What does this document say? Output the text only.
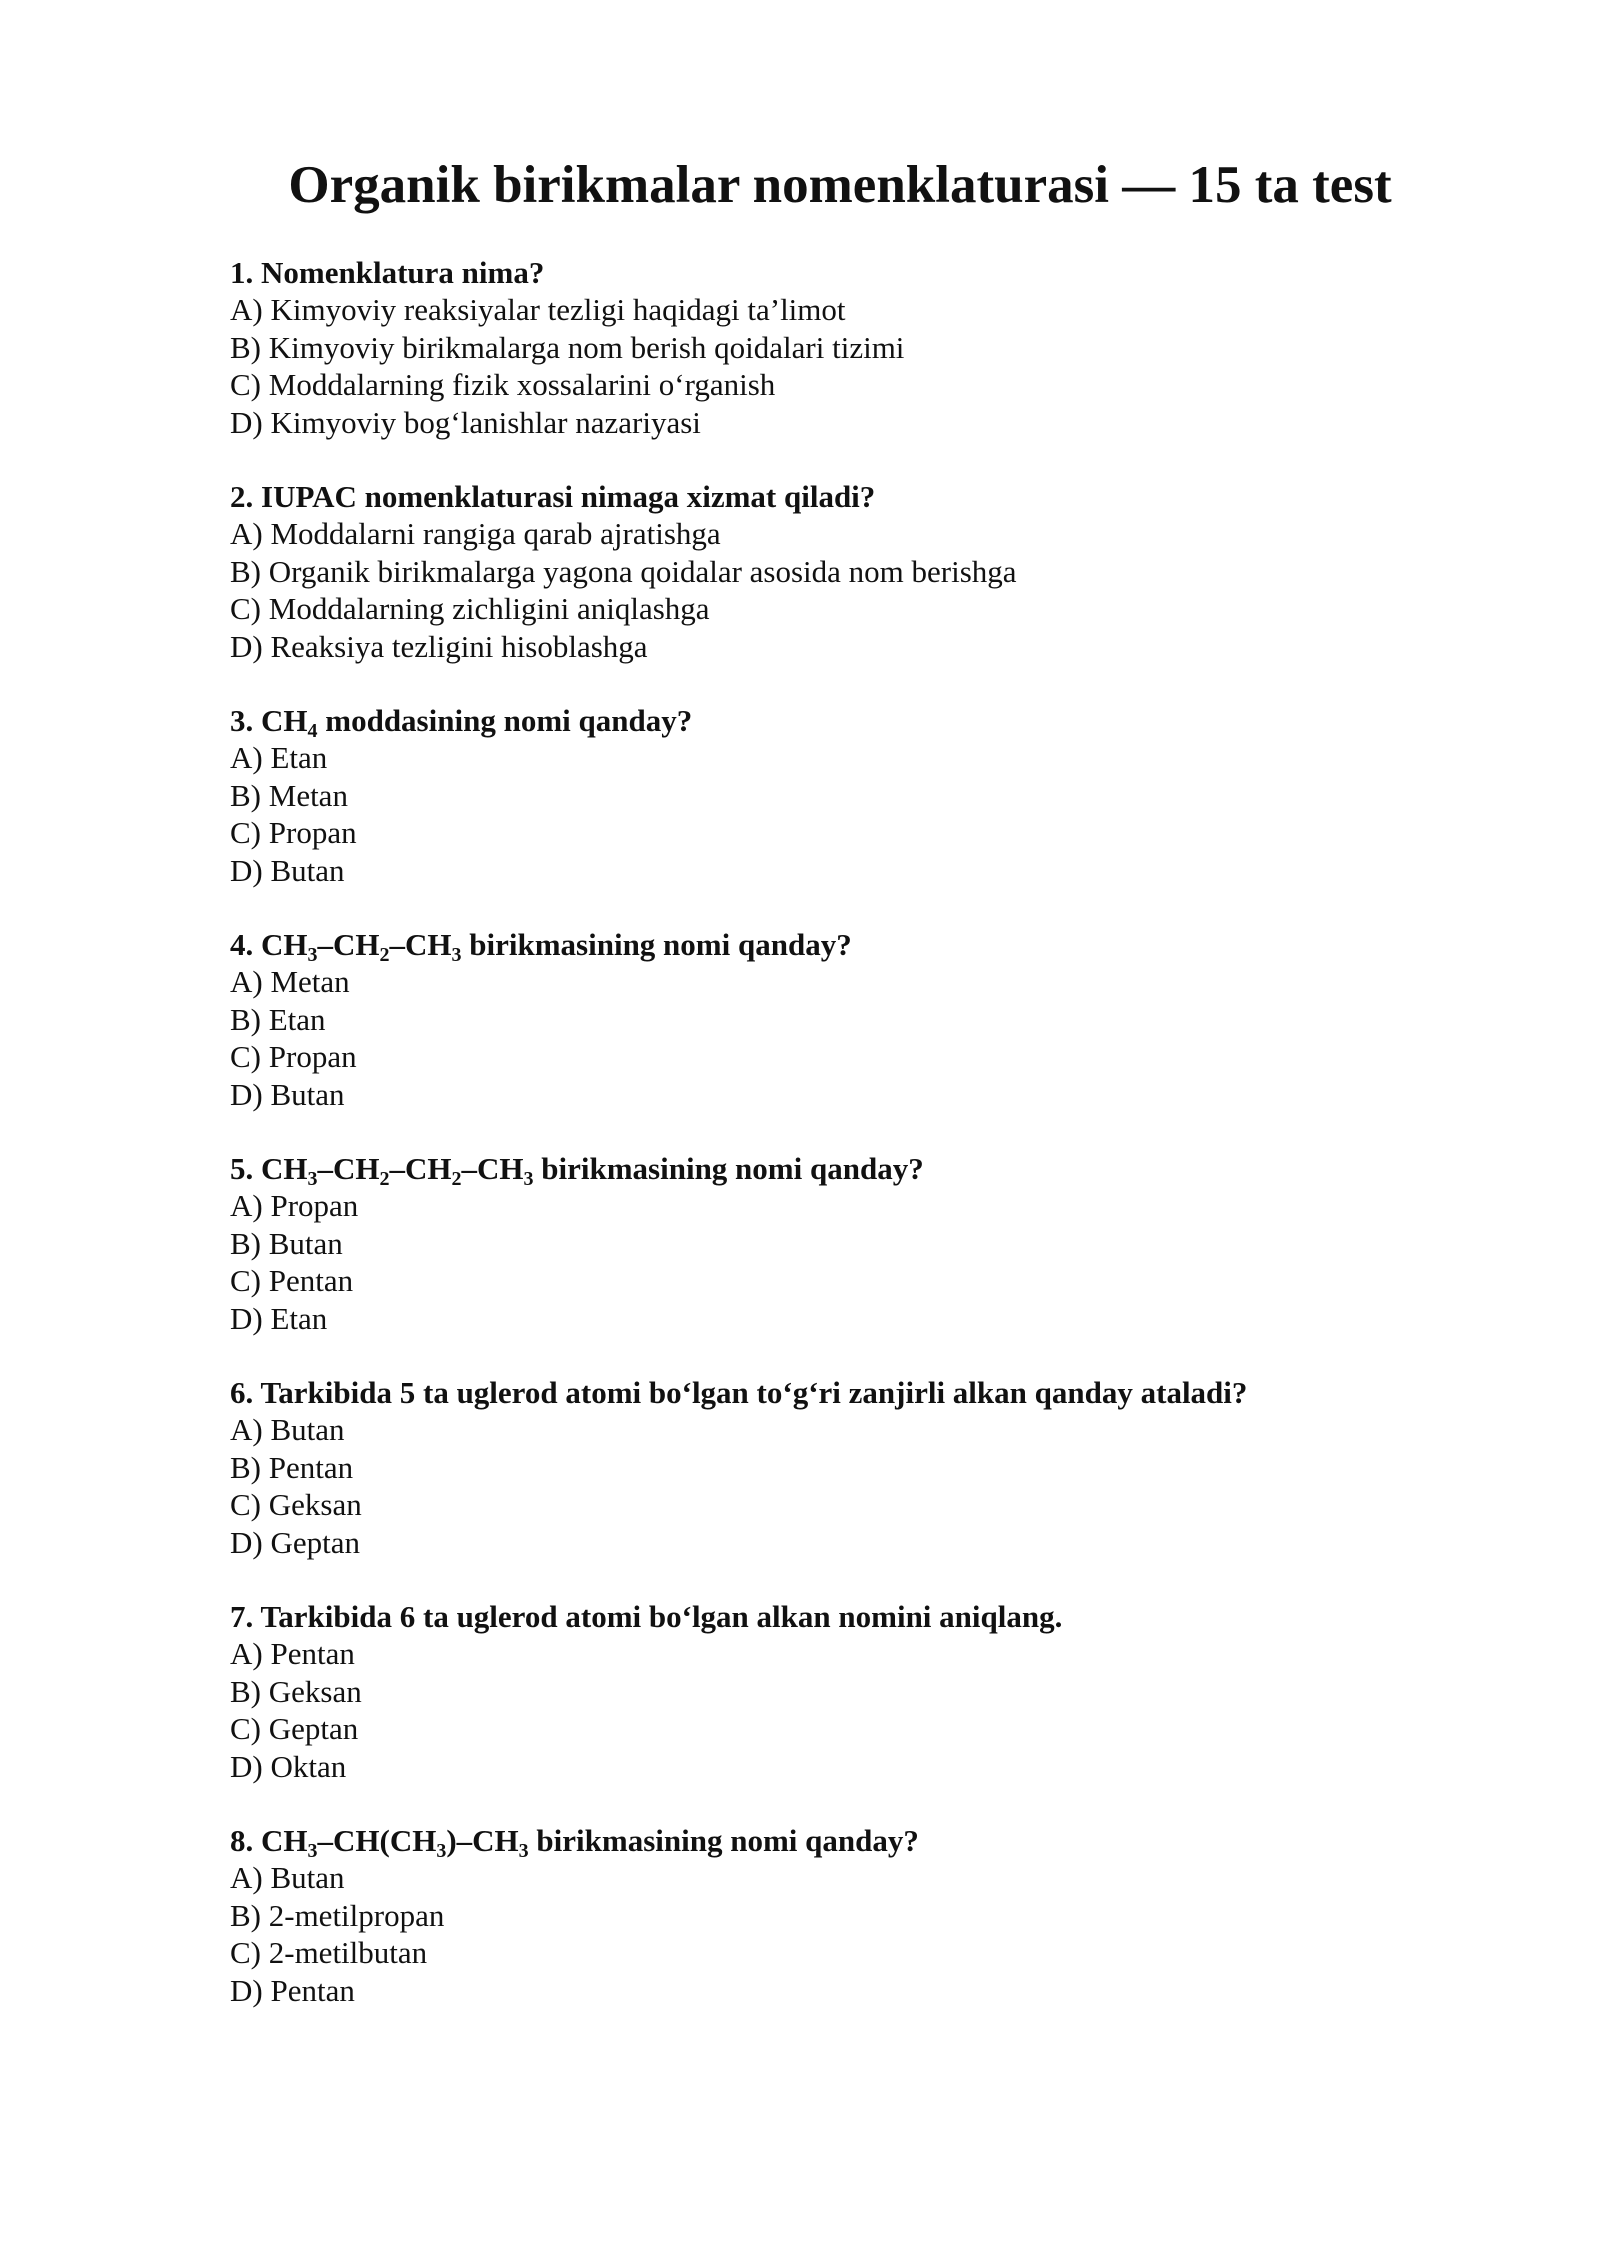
Organik birikmalar nomenklaturasi — 15 ta test
1. Nomenklatura nima?
A) Kimyoviy reaksiyalar tezligi haqidagi ta’limot
B) Kimyoviy birikmalarga nom berish qoidalari tizimi
C) Moddalarning fizik xossalarini o‘rganish
D) Kimyoviy bog‘lanishlar nazariyasi
2. IUPAC nomenklaturasi nimaga xizmat qiladi?
A) Moddalarni rangiga qarab ajratishga
B) Organik birikmalarga yagona qoidalar asosida nom berishga
C) Moddalarning zichligini aniqlashga
D) Reaksiya tezligini hisoblashga
3. $CH_4$ moddasining nomi qanday?
A) Etan
B) Metan
C) Propan
D) Butan
4. $CH_3-CH_2-CH_3$ birikmasining nomi qanday?
A) Metan
B) Etan
C) Propan
D) Butan
5. $CH_3-CH_2-CH_2-CH_3$ birikmasining nomi qanday?
A) Propan
B) Butan
C) Pentan
D) Etan
6. Tarkibida 5 ta uglerod atomi bo‘lgan to‘g‘ri zanjirli alkan qanday ataladi?
A) Butan
B) Pentan
C) Geksan
D) Geptan
7. Tarkibida 6 ta uglerod atomi bo‘lgan alkan nomini aniqlang.
A) Pentan
B) Geksan
C) Geptan
D) Oktan
8. $CH_3-CH(CH_3)-CH_3$ birikmasining nomi qanday?
A) Butan
B) 2-metilpropan
C) 2-metilbutan
D) Pentan
